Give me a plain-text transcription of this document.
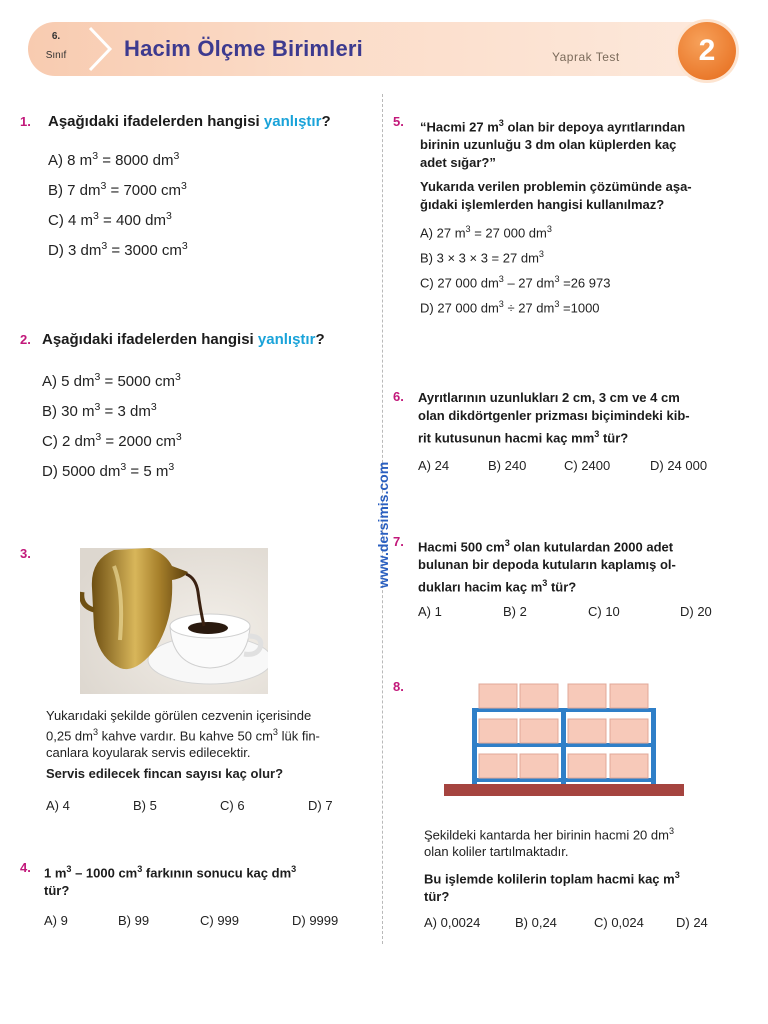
6.
Sınıf	Hacim Ölçme Birimleri	Yaprak Test	2
www.dersimis.com
1. Aşağıdaki ifadelerden hangisi yanlıştır?
A) 8 $m^3 = 8000$ $dm^3$
B) 7 $dm^3 = 7000$ $cm^3$
C) 4 $m^3 = 400$ $dm^3$
D) 3 $dm^3 = 3000$ $cm^3$
2. Aşağıdaki ifadelerden hangisi yanlıştır?
A) 5 $dm^3 = 5000$ $cm^3$
B) 30 $m^3 = 3$ $dm^3$
C) 2 $dm^3 = 2000$ $cm^3$
D) 5000 $dm^3 = 5$ $m^3$
3.
Yukarıdaki şekilde görülen cezvenin içerisinde
0,25 $dm^3$ kahve vardır. Bu kahve 50 $cm^3$ lük fin-
canlara koyularak servis edilecektir.
Servis edilecek fincan sayısı kaç olur?
A) 4	B) 5	C) 6	D) 7
4. 1 $m^3 - 1000$ $cm^3$ farkının sonucu kaç $dm^3$
tür?
A) 9	B) 99	C) 999	D) 9999
5. “Hacmi 27 $m^3$ olan bir depoya ayrıtlarından
birinin uzunluğu 3 dm olan küplerden kaç
adet sığar?”
Yukarıda verilen problemin çözümünde aşa-
ğıdaki işlemlerden hangisi kullanılmaz?
A) 27 $m^3 = 27$ 000 $dm^3$
B) 3 × 3 × 3 = 27 $dm^3$
C) 27 000 $dm^3 - 27$ $dm^3 =26$ 973
D) 27 000 $dm^3 \div 27$ $dm^3 =1000$
6. Ayrıtlarının uzunlukları 2 cm, 3 cm ve 4 cm
olan dikdörtgenler prizması biçimindeki kib-
rit kutusunun hacmi kaç $mm^3$ tür?
A) 24	B) 240	C) 2400	D) 24 000
7. Hacmi 500 $cm^3$ olan kutulardan 2000 adet
bulunan bir depoda kutuların kaplamış ol-
dukları hacim kaç $m^3$ tür?
A) 1	B) 2	C) 10	D) 20
8.
Şekildeki kantarda her birinin hacmi 20 $dm^3$
olan koliler tartılmaktadır.
Bu işlemde kolilerin toplam hacmi kaç $m^3$
tür?
A) 0,0024	B) 0,24	C) 0,024 D) 24
